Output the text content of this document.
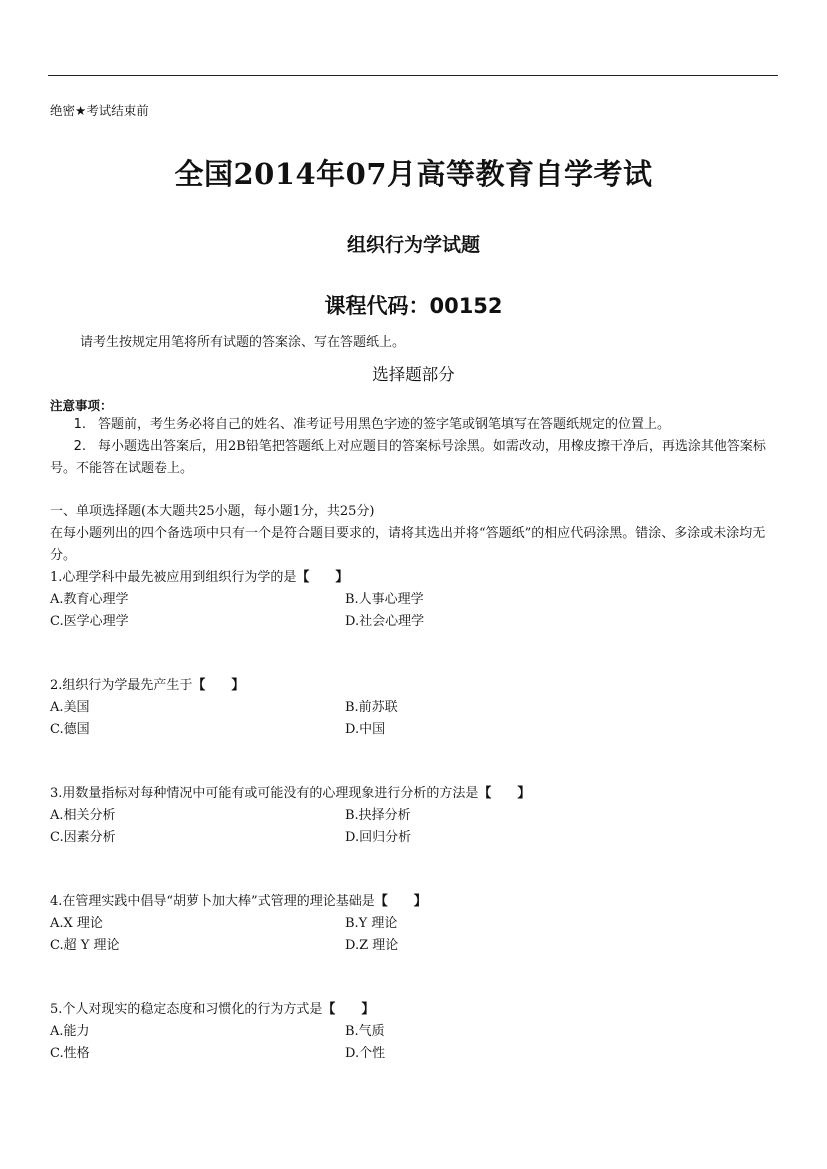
绝密★考试结束前
全国2014年07月高等教育自学考试
组织行为学试题
课程代码：00152
请考生按规定用笔将所有试题的答案涂、写在答题纸上。
选择题部分
注意事项：

1. 答题前，考生务必将自己的姓名、准考证号用黑色字迹的签字笔或钢笔填写在答题纸规定的位置上。

2. 每小题选出答案后，用2B铅笔把答题纸上对应题目的答案标号涂黑。如需改动，用橡皮擦干净后，再选涂其他答案标号。不能答在试题卷上。

一、单项选择题(本大题共25小题，每小题1分，共25分)

在每小题列出的四个备选项中只有一个是符合题目要求的，请将其选出并将“答题纸”的相应代码涂黑。错涂、多涂或未涂均无分。

1.心理学科中最先被应用到组织行为学的是【　　】

A.教育心理学	B.人事心理学
C.医学心理学	D.社会心理学

2.组织行为学最先产生于【　　】

A.美国	B.前苏联
C.德国	D.中国

3.用数量指标对每种情况中可能有或可能没有的心理现象进行分析的方法是【　　】

A.相关分析	B.抉择分析
C.因素分析	D.回归分析

4.在管理实践中倡导“胡萝卜加大棒”式管理的理论基础是【　　】

A.X 理论	B.Y 理论
C.超 Y 理论	D.Z 理论

5.个人对现实的稳定态度和习惯化的行为方式是【　　】

A.能力	B.气质
C.性格	D.个性
